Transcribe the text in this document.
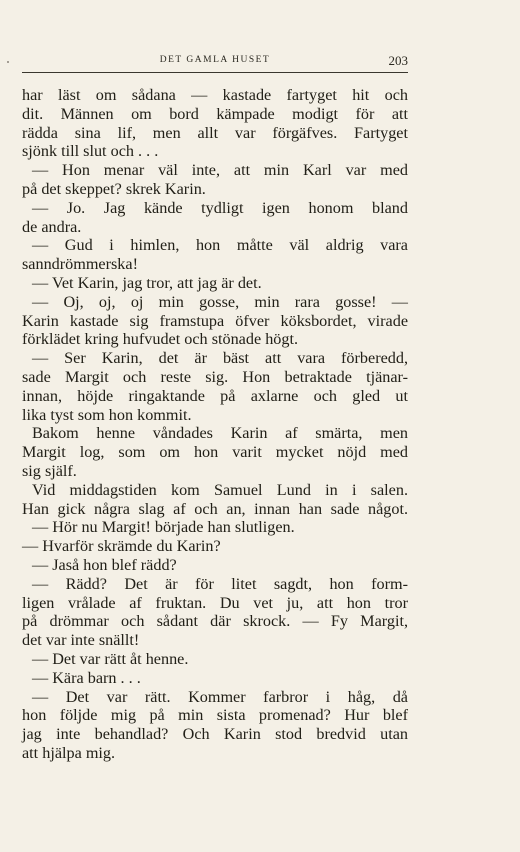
DET GAMLA HUSET	203
har läst om sådana — kastade fartyget hit och
dit. Männen om bord kämpade modigt för att
rädda sina lif, men allt var förgäfves. Fartyget
sjönk till slut och . . .
— Hon menar väl inte, att min Karl var med
på det skeppet? skrek Karin.
— Jo. Jag kände tydligt igen honom bland
de andra.
— Gud i himlen, hon måtte väl aldrig vara
sanndrömmerska!
— Vet Karin, jag tror, att jag är det.
— Oj, oj, oj min gosse, min rara gosse! —
Karin kastade sig framstupa öfver köksbordet, virade
förklädet kring hufvudet och stönade högt.
— Ser Karin, det är bäst att vara förberedd,
sade Margit och reste sig. Hon betraktade tjänar-
innan, höjde ringaktande på axlarne och gled ut
lika tyst som hon kommit.
Bakom henne våndades Karin af smärta, men
Margit log, som om hon varit mycket nöjd med
sig själf.
Vid middagstiden kom Samuel Lund in i salen.
Han gick några slag af och an, innan han sade något.
— Hör nu Margit! började han slutligen.
— Hvarför skrämde du Karin?
— Jaså hon blef rädd?
— Rädd? Det är för litet sagdt, hon form-
ligen vrålade af fruktan. Du vet ju, att hon tror
på drömmar och sådant där skrock. — Fy Margit,
det var inte snällt!
— Det var rätt åt henne.
— Kära barn . . .
— Det var rätt. Kommer farbror i håg, då
hon följde mig på min sista promenad? Hur blef
jag inte behandlad? Och Karin stod bredvid utan
att hjälpa mig.
